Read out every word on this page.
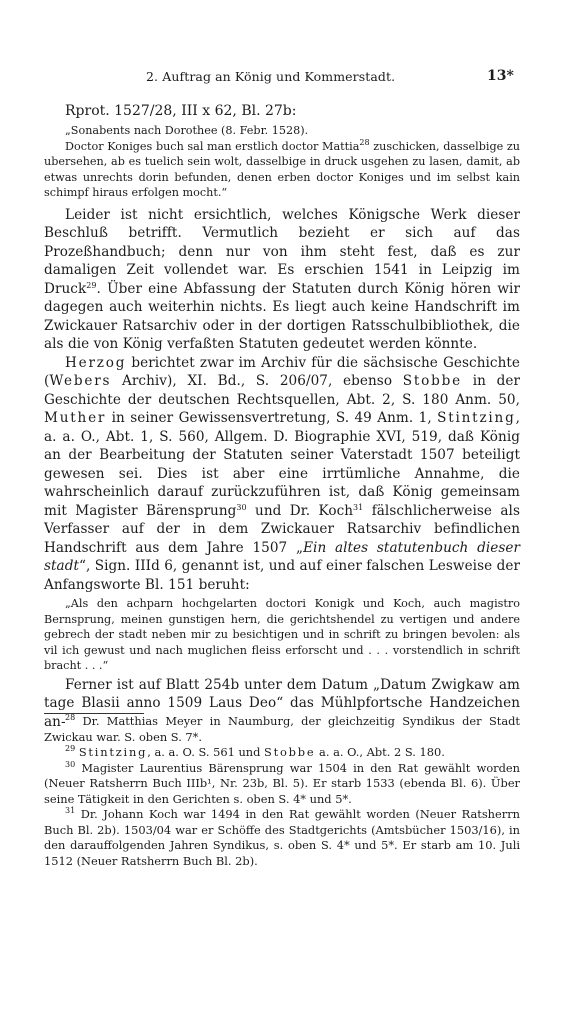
2. Auftrag an König und Kommerstadt.	13*

Rprot. 1527/28, III x 62, Bl. 27b:

„Sonabents nach Dorothee (8. Febr. 1528).

Doctor Koniges buch sal man erstlich doctor Mattia$^{28}$ zuschicken, dasselbige zu ubersehen, ab es tuelich sein wolt, dasselbige in druck usgehen zu lasen, damit, ab etwas unrechts dorin befunden, denen erben doctor Koniges und im selbst kain schimpf hiraus erfolgen mocht.“

Leider ist nicht ersichtlich, welches Königsche Werk dieser Beschluß betrifft. Vermutlich bezieht er sich auf das Prozeßhandbuch; denn nur von ihm steht fest, daß es zur damaligen Zeit vollendet war. Es erschien 1541 in Leipzig im Druck$^{29}$. Über eine Abfassung der Statuten durch König hören wir dagegen auch weiterhin nichts. Es liegt auch keine Handschrift im Zwickauer Ratsarchiv oder in der dortigen Ratsschulbibliothek, die als die von König verfaßten Statuten gedeutet werden könnte.

Herzog berichtet zwar im Archiv für die sächsische Geschichte (Webers Archiv), XI. Bd., S. 206/07, ebenso Stobbe in der Geschichte der deutschen Rechtsquellen, Abt. 2, S. 180 Anm. 50, Muther in seiner Gewissensvertretung, S. 49 Anm. 1, Stintzing, a. a. O., Abt. 1, S. 560, Allgem. D. Biographie XVI, 519, daß König an der Bearbeitung der Statuten seiner Vaterstadt 1507 beteiligt gewesen sei. Dies ist aber eine irrtümliche Annahme, die wahrscheinlich darauf zurückzuführen ist, daß König gemeinsam mit Magister Bärensprung$^{30}$ und Dr. Koch$^{31}$ fälschlicherweise als Verfasser auf der in dem Zwickauer Ratsarchiv befindlichen Handschrift aus dem Jahre 1507 „Ein altes statutenbuch dieser stadt“, Sign. IIId 6, genannt ist, und auf einer falschen Lesweise der Anfangsworte Bl. 151 beruht:

„Als den achparn hochgelarten doctori Konigk und Koch, auch magistro Bernsprung, meinen gunstigen hern, die gerichtshendel zu vertigen und andere gebrech der stadt neben mir zu besichtigen und in schrift zu bringen bevolen: als vil ich gewust und nach muglichen fleiss erforscht und . . . vorstendlich in schrift bracht . . .“

Ferner ist auf Blatt 254b unter dem Datum „Datum Zwigkaw am tage Blasii anno 1509 Laus Deo“ das Mühlpfortsche Handzeichen an- $^{28}$ Dr. Matthias Meyer in Naumburg, der gleichzeitig Syndikus der Stadt Zwickau war. S. oben S. 7*.

$^{29}$ Stintzing, a. a. O. S. 561 und Stobbe a. a. O., Abt. 2 S. 180.

$^{30}$ Magister Laurentius Bärensprung war 1504 in den Rat gewählt worden (Neuer Ratsherrn Buch IIIb¹, Nr. 23b, Bl. 5). Er starb 1533 (ebenda Bl. 6). Über seine Tätigkeit in den Gerichten s. oben S. 4* und 5*.

$^{31}$ Dr. Johann Koch war 1494 in den Rat gewählt worden (Neuer Ratsherrn Buch Bl. 2b). 1503/04 war er Schöffe des Stadtgerichts (Amtsbücher 1503/16), in den darauffolgenden Jahren Syndikus, s. oben S. 4* und 5*. Er starb am 10. Juli 1512 (Neuer Ratsherrn Buch Bl. 2b).
